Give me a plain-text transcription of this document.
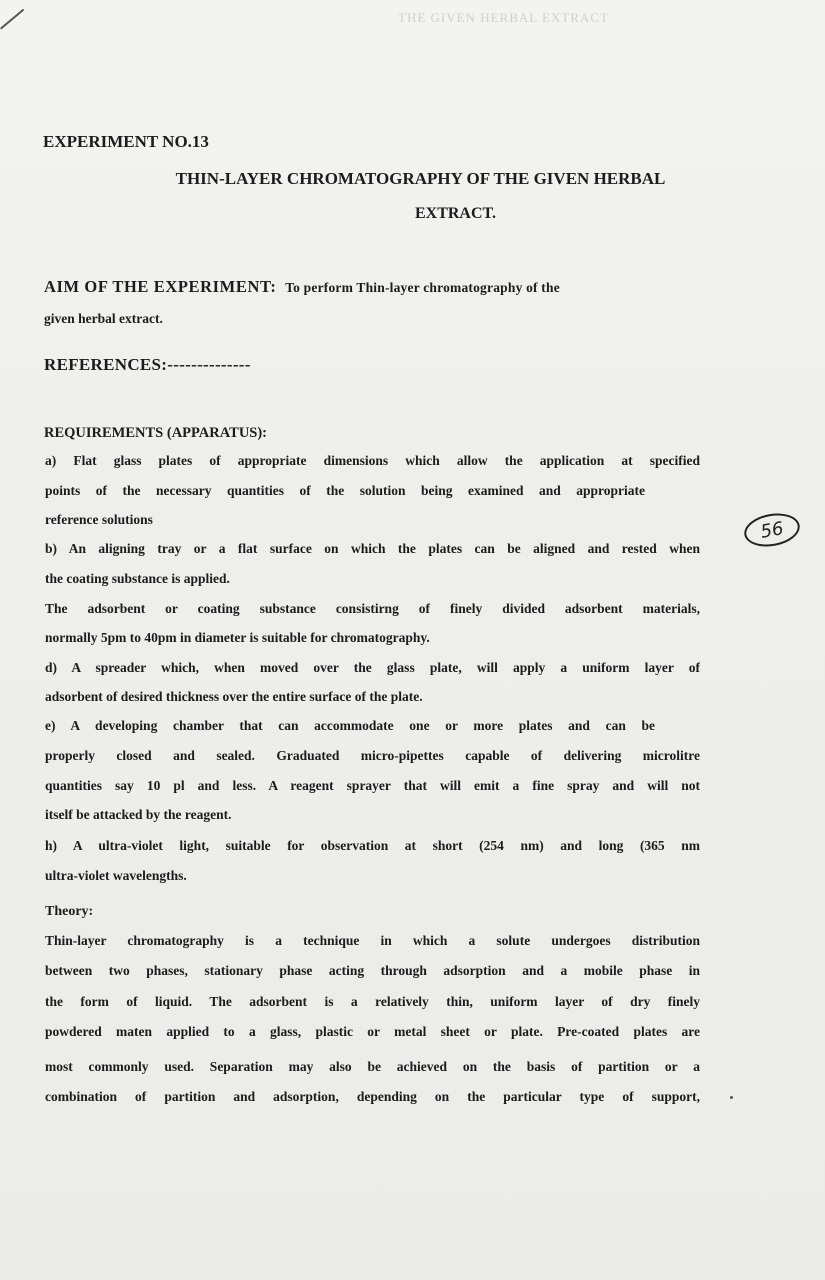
THE GIVEN HERBAL EXTRACT
EXPERIMENT NO.13
THIN-LAYER CHROMATOGRAPHY OF THE GIVEN HERBAL
EXTRACT.
AIM OF THE EXPERIMENT: To perform Thin-layer chromatography of the
given herbal extract.
REFERENCES:--------------
REQUIREMENTS (APPARATUS):
a) Flat glass plates of appropriate dimensions which allow the application at specified
points of the necessary quantities of the solution being examined and appropriate
reference solutions
b) An aligning tray or a flat surface on which the plates can be aligned and rested when
the coating substance is applied.
The adsorbent or coating substance consistirng of finely divided adsorbent materials,
normally 5pm to 40pm in diameter is suitable for chromatography.
d) A spreader which, when moved over the glass plate, will apply a uniform layer of
adsorbent of desired thickness over the entire surface of the plate.
e) A developing chamber that can accommodate one or more plates and can be
properly closed and sealed. Graduated micro-pipettes capable of delivering microlitre
quantities say 10 pl and less. A reagent sprayer that will emit a fine spray and will not
itself be attacked by the reagent.
h) A ultra-violet light, suitable for observation at short (254 nm) and long (365 nm
ultra-violet wavelengths.
Theory:
Thin-layer chromatography is a technique in which a solute undergoes distribution
between two phases, stationary phase acting through adsorption and a mobile phase in
the form of liquid. The adsorbent is a relatively thin, uniform layer of dry finely
powdered maten applied to a glass, plastic or metal sheet or plate. Pre-coated plates are
most commonly used. Separation may also be achieved on the basis of partition or a
combination of partition and adsorption, depending on the particular type of support,
56
